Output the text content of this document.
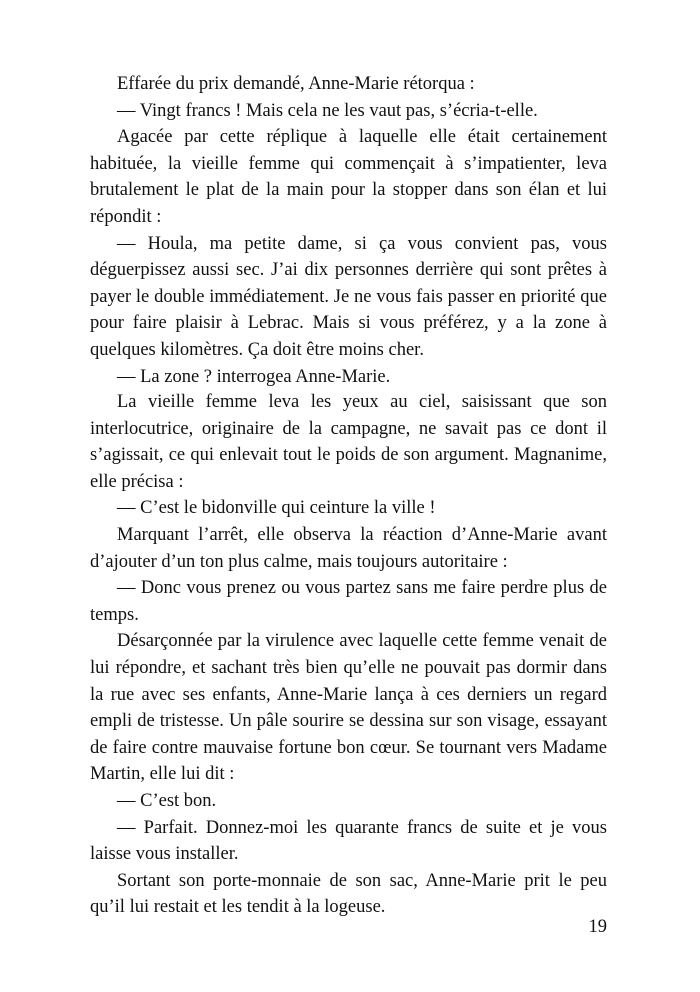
Effarée du prix demandé, Anne-Marie rétorqua :

— Vingt francs ! Mais cela ne les vaut pas, s’écria-t-elle.

Agacée par cette réplique à laquelle elle était certainement habituée, la vieille femme qui commençait à s’impatienter, leva brutalement le plat de la main pour la stopper dans son élan et lui répondit :

— Houla, ma petite dame, si ça vous convient pas, vous déguerpissez aussi sec. J’ai dix personnes derrière qui sont prêtes à payer le double immédiatement. Je ne vous fais passer en priorité que pour faire plaisir à Lebrac. Mais si vous préférez, y a la zone à quelques kilomètres. Ça doit être moins cher.

— La zone ? interrogea Anne-Marie.

La vieille femme leva les yeux au ciel, saisissant que son interlocutrice, originaire de la campagne, ne savait pas ce dont il s’agissait, ce qui enlevait tout le poids de son argument. Magnanime, elle précisa :

— C’est le bidonville qui ceinture la ville !

Marquant l’arrêt, elle observa la réaction d’Anne-Marie avant d’ajouter d’un ton plus calme, mais toujours autoritaire :

— Donc vous prenez ou vous partez sans me faire perdre plus de temps.

Désarçonnée par la virulence avec laquelle cette femme venait de lui répondre, et sachant très bien qu’elle ne pouvait pas dormir dans la rue avec ses enfants, Anne-Marie lança à ces derniers un regard empli de tristesse. Un pâle sourire se dessina sur son visage, essayant de faire contre mauvaise fortune bon cœur. Se tournant vers Madame Martin, elle lui dit :

— C’est bon.

— Parfait. Donnez-moi les quarante francs de suite et je vous laisse vous installer.

Sortant son porte-monnaie de son sac, Anne-Marie prit le peu qu’il lui restait et les tendit à la logeuse.

19
